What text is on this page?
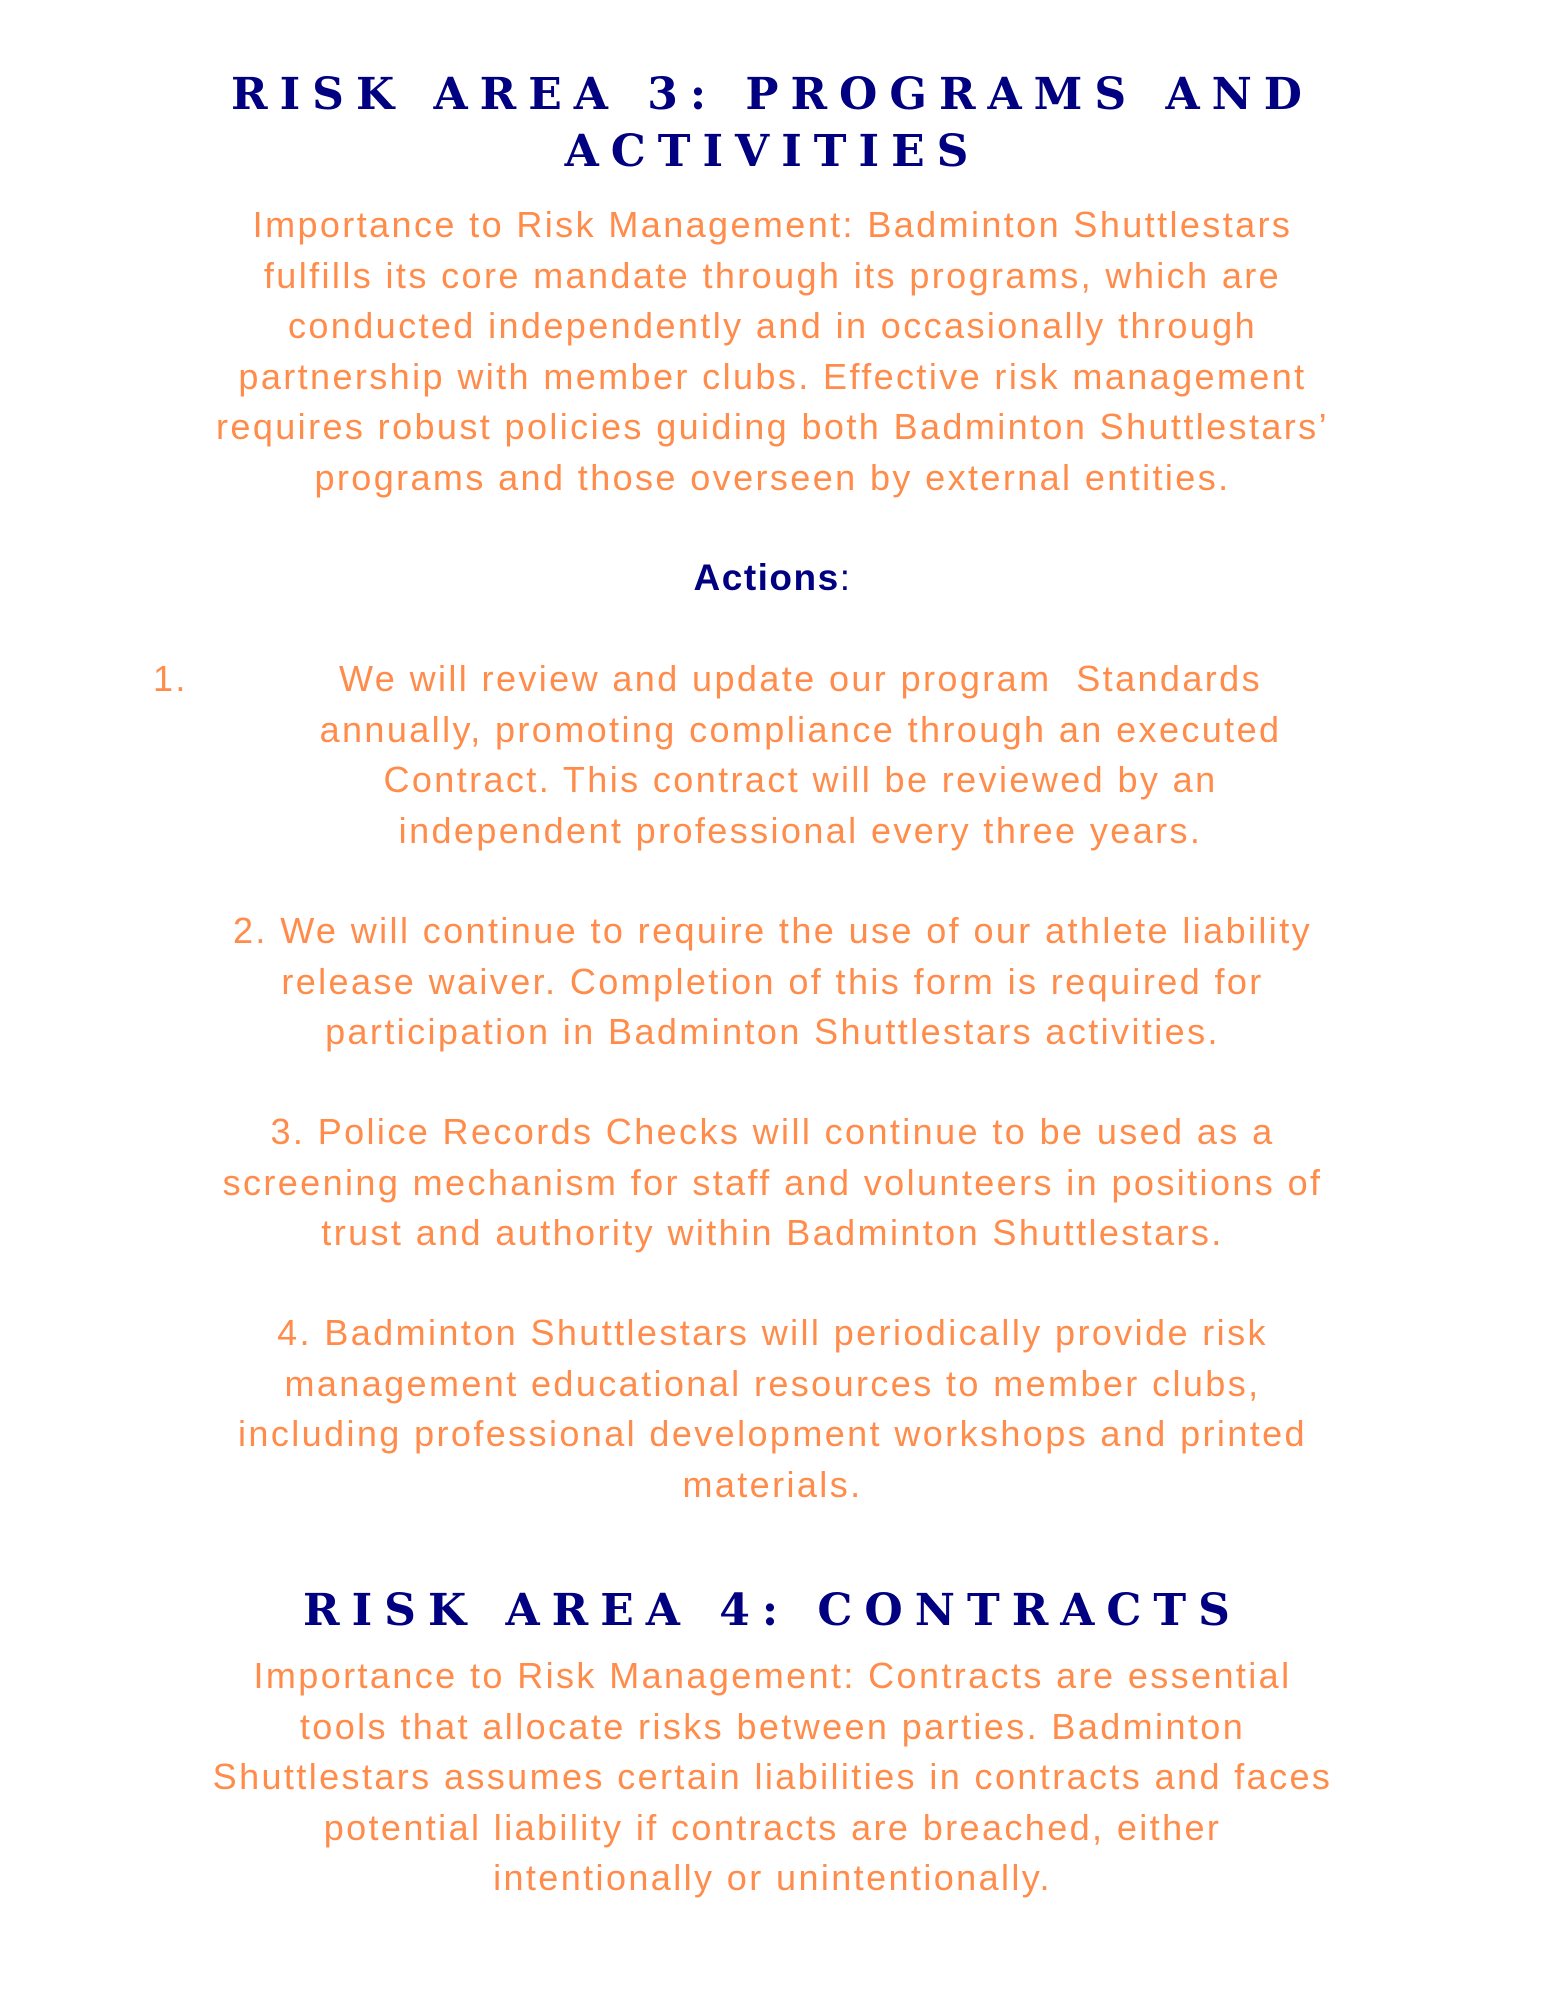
RISK AREA 3: PROGRAMS AND
ACTIVITIES
Importance to Risk Management: Badminton Shuttlestars
fulfills its core mandate through its programs, which are
conducted independently and in occasionally through
partnership with member clubs. Effective risk management
requires robust policies guiding both Badminton Shuttlestars’
programs and those overseen by external entities.
Actions:
1.	We will review and update our program  Standards
annually, promoting compliance through an executed
Contract. This contract will be reviewed by an
independent professional every three years.
2. We will continue to require the use of our athlete liability
release waiver. Completion of this form is required for
participation in Badminton Shuttlestars activities.
3. Police Records Checks will continue to be used as a
screening mechanism for staff and volunteers in positions of
trust and authority within Badminton Shuttlestars.
4. Badminton Shuttlestars will periodically provide risk
management educational resources to member clubs,
including professional development workshops and printed
materials.
RISK AREA 4: CONTRACTS
Importance to Risk Management: Contracts are essential
tools that allocate risks between parties. Badminton
Shuttlestars assumes certain liabilities in contracts and faces
potential liability if contracts are breached, either
intentionally or unintentionally.
